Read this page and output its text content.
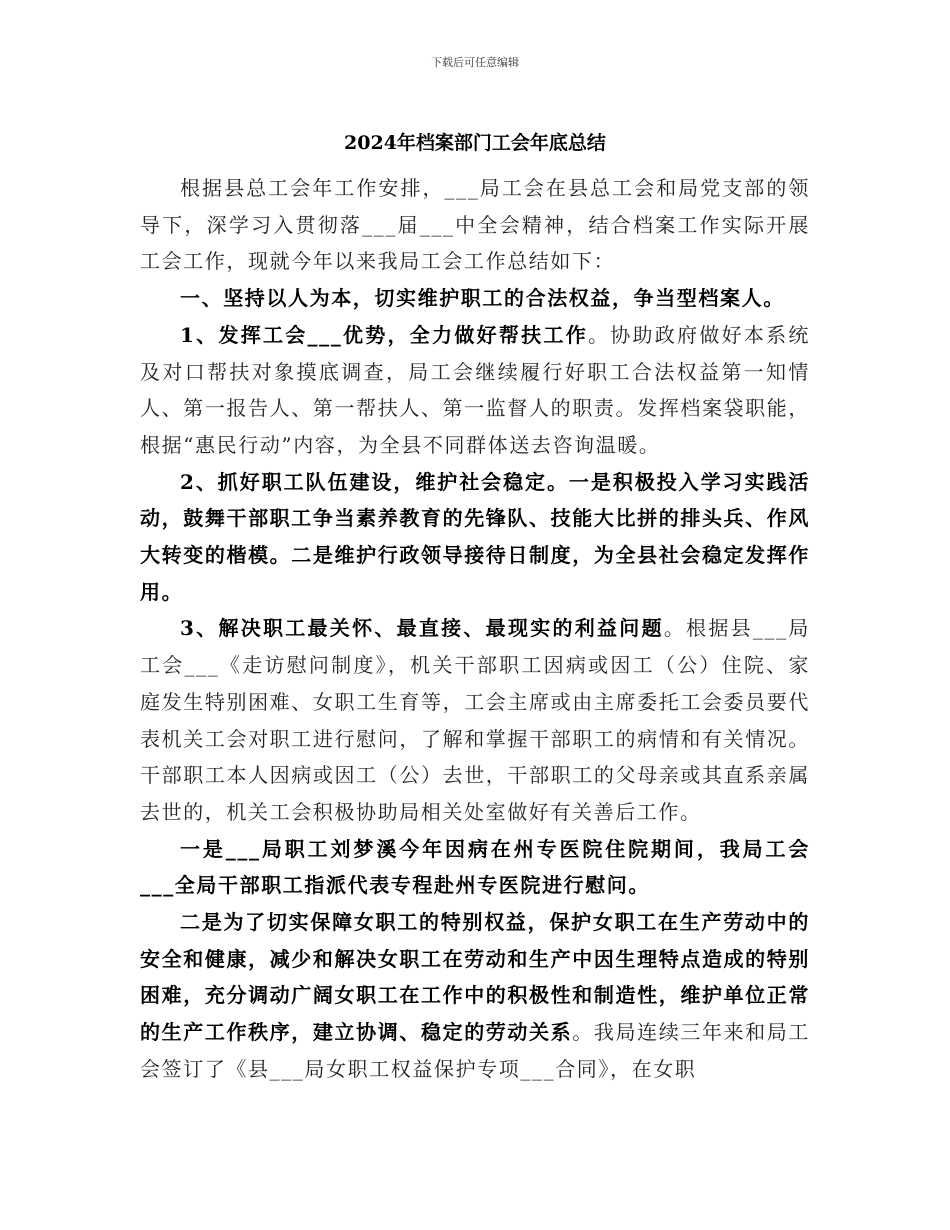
下载后可任意编辑
2024年档案部门工会年底总结

根据县总工会年工作安排，___局工会在县总工会和局党支部的领导下，深学习入贯彻落___届___中全会精神，结合档案工作实际开展工会工作，现就今年以来我局工会工作总结如下：

一、坚持以人为本，切实维护职工的合法权益，争当型档案人。

1、发挥工会___优势，全力做好帮扶工作。协助政府做好本系统及对口帮扶对象摸底调查，局工会继续履行好职工合法权益第一知情人、第一报告人、第一帮扶人、第一监督人的职责。发挥档案袋职能，根据“惠民行动”内容，为全县不同群体送去咨询温暖。

2、抓好职工队伍建设，维护社会稳定。一是积极投入学习实践活动，鼓舞干部职工争当素养教育的先锋队、技能大比拼的排头兵、作风大转变的楷模。二是维护行政领导接待日制度，为全县社会稳定发挥作用。

3、解决职工最关怀、最直接、最现实的利益问题。根据县___局工会___《走访慰问制度》，机关干部职工因病或因工（公）住院、家庭发生特别困难、女职工生育等，工会主席或由主席委托工会委员要代表机关工会对职工进行慰问，了解和掌握干部职工的病情和有关情况。干部职工本人因病或因工（公）去世，干部职工的父母亲或其直系亲属去世的，机关工会积极协助局相关处室做好有关善后工作。

一是___局职工刘梦溪今年因病在州专医院住院期间，我局工会___全局干部职工指派代表专程赴州专医院进行慰问。

二是为了切实保障女职工的特别权益，保护女职工在生产劳动中的安全和健康，减少和解决女职工在劳动和生产中因生理特点造成的特别困难，充分调动广阔女职工在工作中的积极性和制造性，维护单位正常的生产工作秩序，建立协调、稳定的劳动关系。我局连续三年来和局工会签订了《县___局女职工权益保护专项___合同》，在女职
